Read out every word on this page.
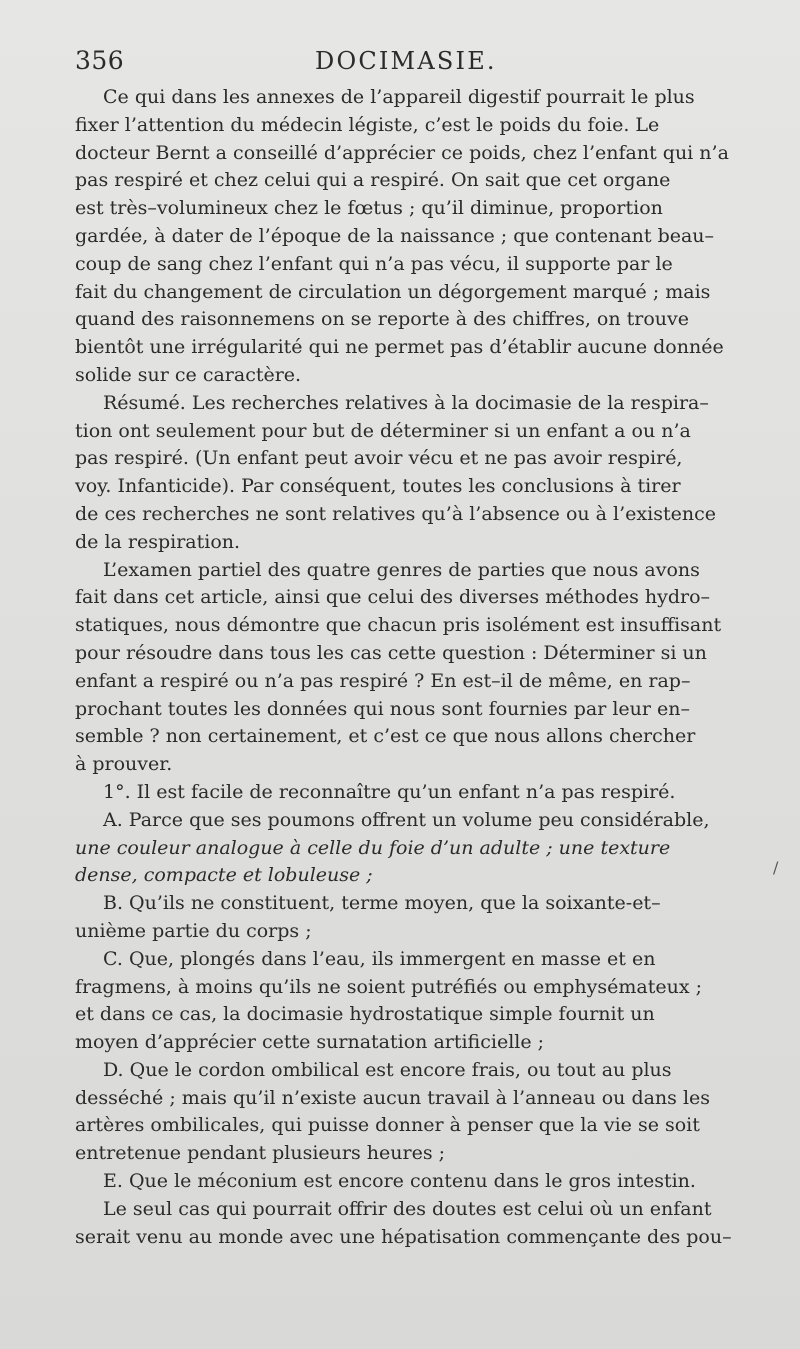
356	DOCIMASIE.
Ce qui dans les annexes de l’appareil digestif pourrait le plus
fixer l’attention du médecin légiste, c’est le poids du foie. Le
docteur Bernt a conseillé d’apprécier ce poids, chez l’enfant qui n’a
pas respiré et chez celui qui a respiré. On sait que cet organe
est très–volumineux chez le fœtus ; qu’il diminue, proportion
gardée, à dater de l’époque de la naissance ; que contenant beau–
coup de sang chez l’enfant qui n’a pas vécu, il supporte par le
fait du changement de circulation un dégorgement marqué ; mais
quand des raisonnemens on se reporte à des chiffres, on trouve
bientôt une irrégularité qui ne permet pas d’établir aucune donnée
solide sur ce caractère.
Résumé. Les recherches relatives à la docimasie de la respira–
tion ont seulement pour but de déterminer si un enfant a ou n’a
pas respiré. (Un enfant peut avoir vécu et ne pas avoir respiré,
voy. Infanticide). Par conséquent, toutes les conclusions à tirer
de ces recherches ne sont relatives qu’à l’absence ou à l’existence
de la respiration.
L’examen partiel des quatre genres de parties que nous avons
fait dans cet article, ainsi que celui des diverses méthodes hydro–
statiques, nous démontre que chacun pris isolément est insuffisant
pour résoudre dans tous les cas cette question : Déterminer si un
enfant a respiré ou n’a pas respiré ? En est–il de même, en rap–
prochant toutes les données qui nous sont fournies par leur en–
semble ? non certainement, et c’est ce que nous allons chercher
à prouver.
1°. Il est facile de reconnaître qu’un enfant n’a pas respiré.
A. Parce que ses poumons offrent un volume peu considérable,
une couleur analogue à celle du foie d’un adulte ; une texture
dense, compacte et lobuleuse ;
B. Qu’ils ne constituent, terme moyen, que la soixante-et–
unième partie du corps ;
C. Que, plongés dans l’eau, ils immergent en masse et en
fragmens, à moins qu’ils ne soient putréfiés ou emphysémateux ;
et dans ce cas, la docimasie hydrostatique simple fournit un
moyen d’apprécier cette surnatation artificielle ;
D. Que le cordon ombilical est encore frais, ou tout au plus
desséché ; mais qu’il n’existe aucun travail à l’anneau ou dans les
artères ombilicales, qui puisse donner à penser que la vie se soit
entretenue pendant plusieurs heures ;
E. Que le méconium est encore contenu dans le gros intestin.
Le seul cas qui pourrait offrir des doutes est celui où un enfant
serait venu au monde avec une hépatisation commençante des pou–
/
